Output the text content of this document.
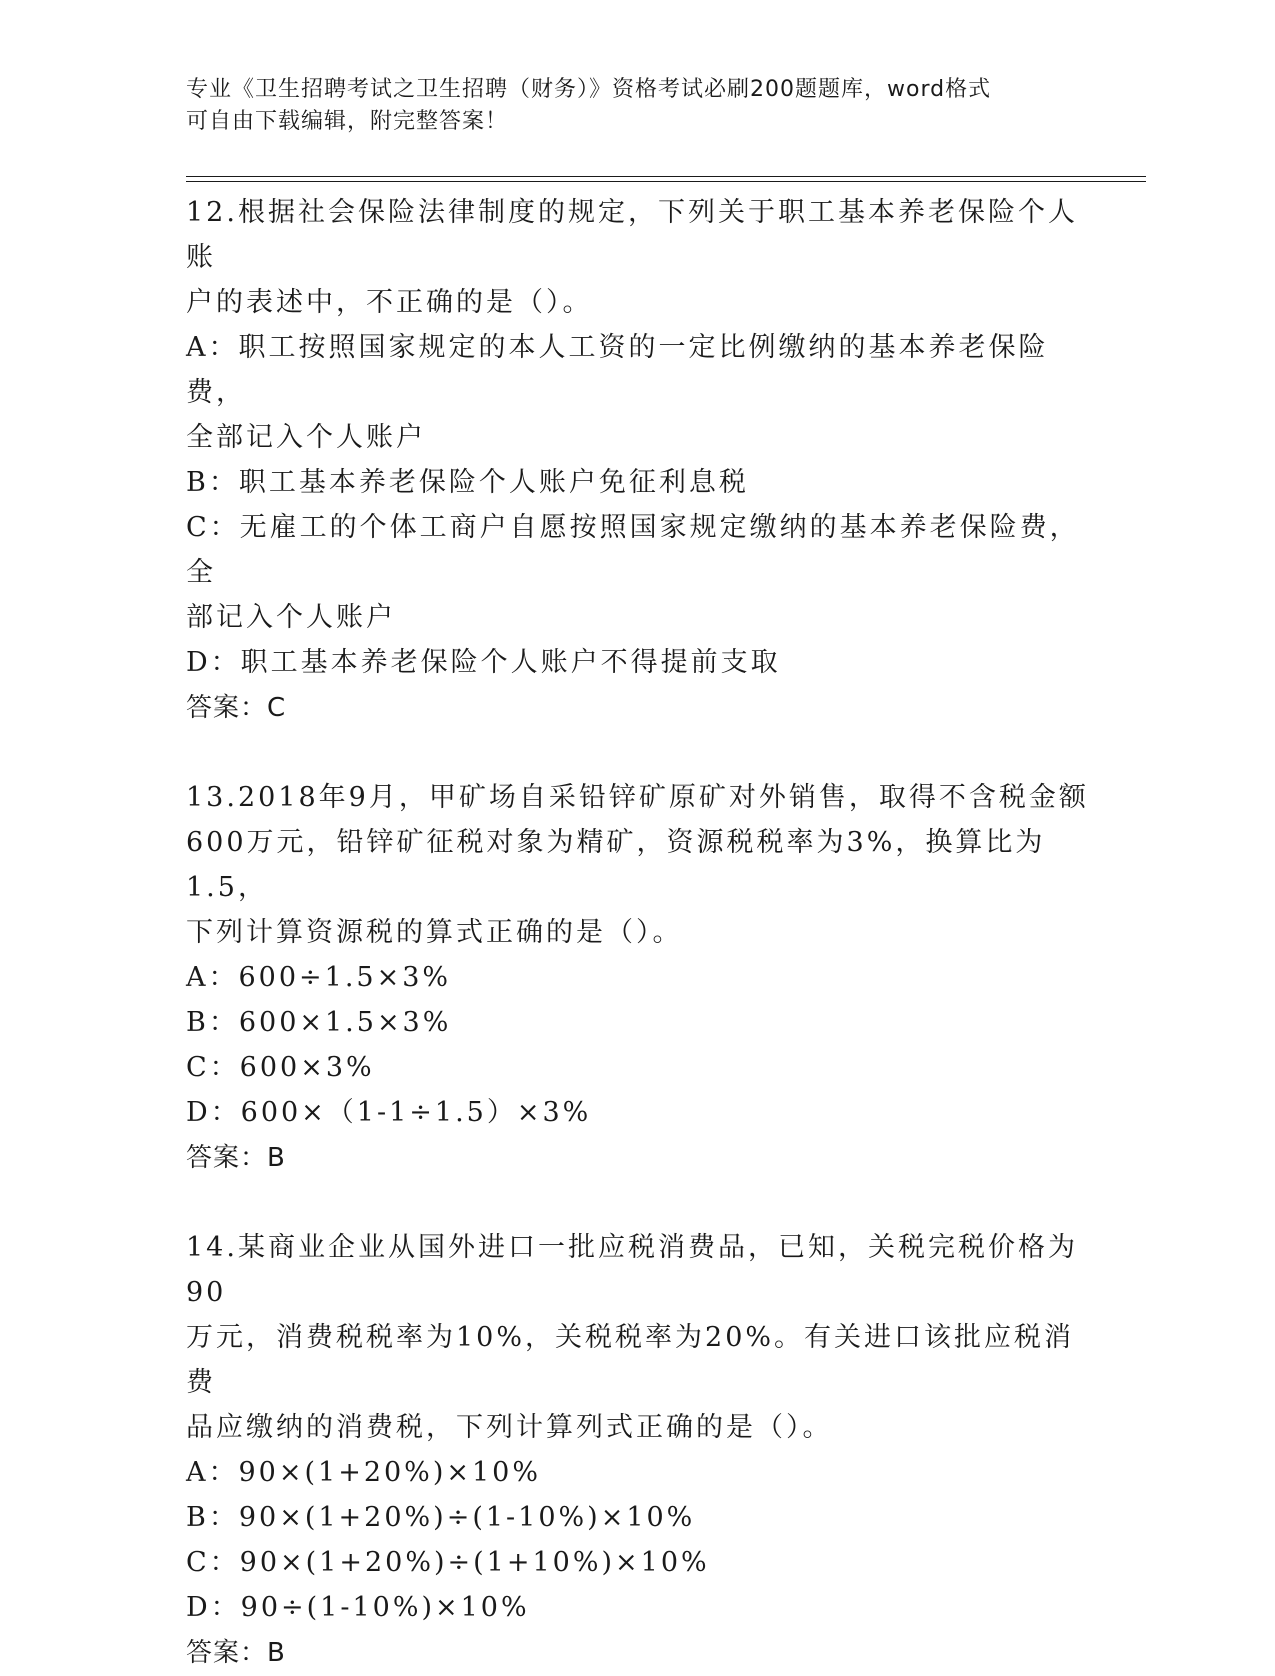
专业《卫生招聘考试之卫生招聘（财务）》资格考试必刷200题题库，word格式
可自由下载编辑，附完整答案！
12.根据社会保险法律制度的规定，下列关于职工基本养老保险个人账
户的表述中，不正确的是（）。
A：职工按照国家规定的本人工资的一定比例缴纳的基本养老保险费，
全部记入个人账户
B：职工基本养老保险个人账户免征利息税
C：无雇工的个体工商户自愿按照国家规定缴纳的基本养老保险费，全
部记入个人账户
D：职工基本养老保险个人账户不得提前支取
答案：C
13.2018年9月，甲矿场自采铅锌矿原矿对外销售，取得不含税金额
600万元，铅锌矿征税对象为精矿，资源税税率为3%，换算比为1.5，
下列计算资源税的算式正确的是（）。
A：600÷1.5×3%
B：600×1.5×3%
C：600×3%
D：600×（1-1÷1.5）×3%
答案：B
14.某商业企业从国外进口一批应税消费品，已知，关税完税价格为90
万元，消费税税率为10%，关税税率为20%。有关进口该批应税消费
品应缴纳的消费税，下列计算列式正确的是（）。
A：90×(1+20%)×10%
B：90×(1+20%)÷(1-10%)×10%
C：90×(1+20%)÷(1+10%)×10%
D：90÷(1-10%)×10%
答案：B
